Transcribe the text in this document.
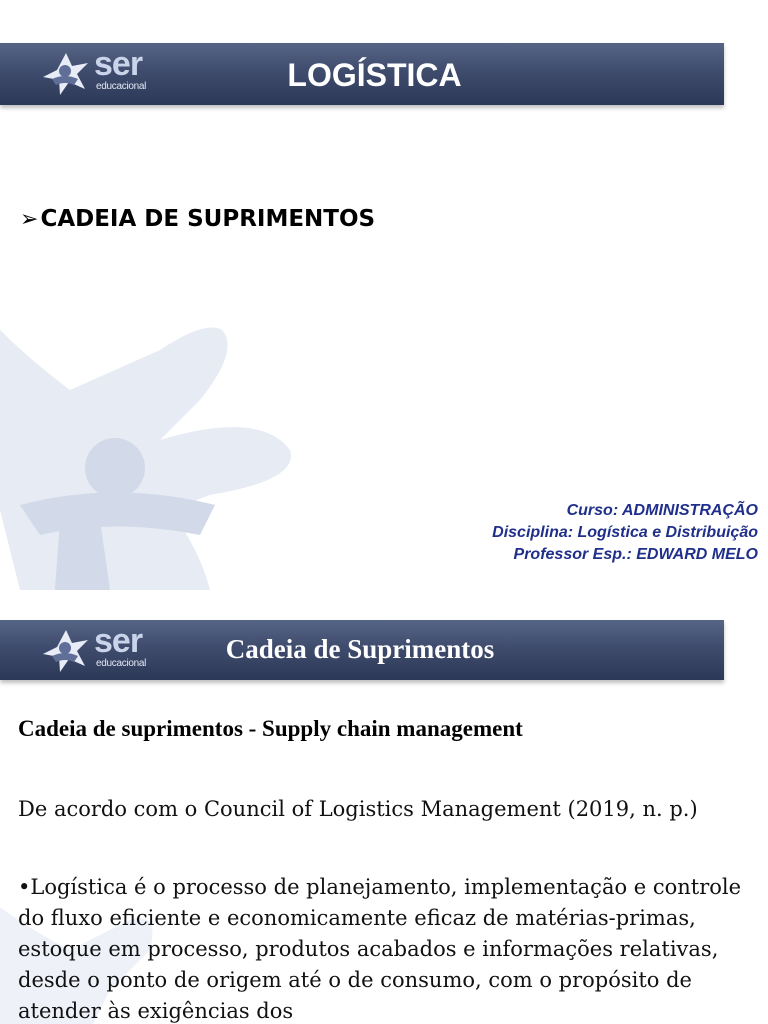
ser
educacional	LOGÍSTICA
➢CADEIA DE SUPRIMENTOS
Curso: ADMINISTRAÇÃO
Disciplina: Logística e Distribuição
Professor Esp.: EDWARD MELO
ser
educacional	Cadeia de Suprimentos
Cadeia de suprimentos - Supply chain management
De acordo com o Council of Logistics Management (2019, n. p.)
•Logística é o processo de planejamento, implementação e controle do fluxo eficiente e economicamente eficaz de matérias-primas, estoque em processo, produtos acabados e informações relativas, desde o ponto de origem até o de consumo, com o propósito de atender às exigências dos
